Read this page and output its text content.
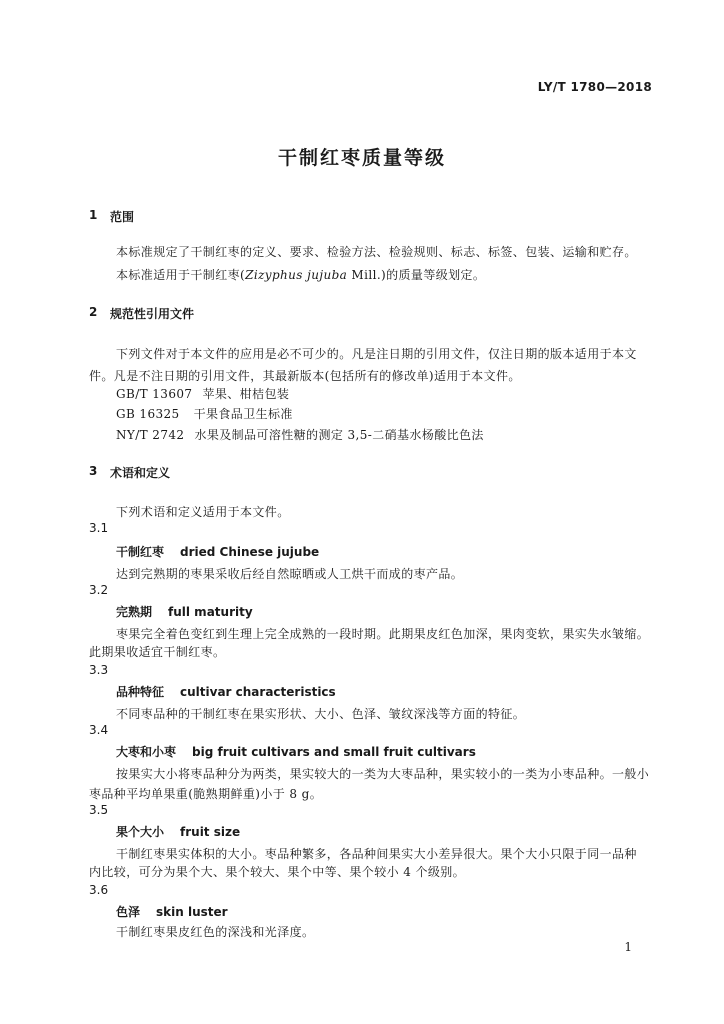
LY/T 1780—2018
干制红枣质量等级
1 范围
本标准规定了干制红枣的定义、要求、检验方法、检验规则、标志、标签、包装、运输和贮存。
本标准适用于干制红枣(Zizyphus jujuba Mill.)的质量等级划定。
2 规范性引用文件
下列文件对于本文件的应用是必不可少的。凡是注日期的引用文件，仅注日期的版本适用于本文
件。凡是不注日期的引用文件，其最新版本(包括所有的修改单)适用于本文件。
GB/T 13607 苹果、柑桔包装
GB 16325 干果食品卫生标准
NY/T 2742 水果及制品可溶性糖的测定 3,5-二硝基水杨酸比色法
3 术语和定义
下列术语和定义适用于本文件。
3.1
干制红枣 dried Chinese jujube
达到完熟期的枣果采收后经自然晾晒或人工烘干而成的枣产品。
3.2
完熟期 full maturity
枣果完全着色变红到生理上完全成熟的一段时期。此期果皮红色加深，果肉变软，果实失水皱缩。
此期果收适宜干制红枣。
3.3
品种特征 cultivar characteristics
不同枣品种的干制红枣在果实形状、大小、色泽、皱纹深浅等方面的特征。
3.4
大枣和小枣 big fruit cultivars and small fruit cultivars
按果实大小将枣品种分为两类，果实较大的一类为大枣品种，果实较小的一类为小枣品种。一般小
枣品种平均单果重(脆熟期鲜重)小于 8 g。
3.5
果个大小 fruit size
干制红枣果实体积的大小。枣品种繁多，各品种间果实大小差异很大。果个大小只限于同一品种
内比较，可分为果个大、果个较大、果个中等、果个较小 4 个级别。
3.6
色泽 skin luster
干制红枣果皮红色的深浅和光泽度。
1
